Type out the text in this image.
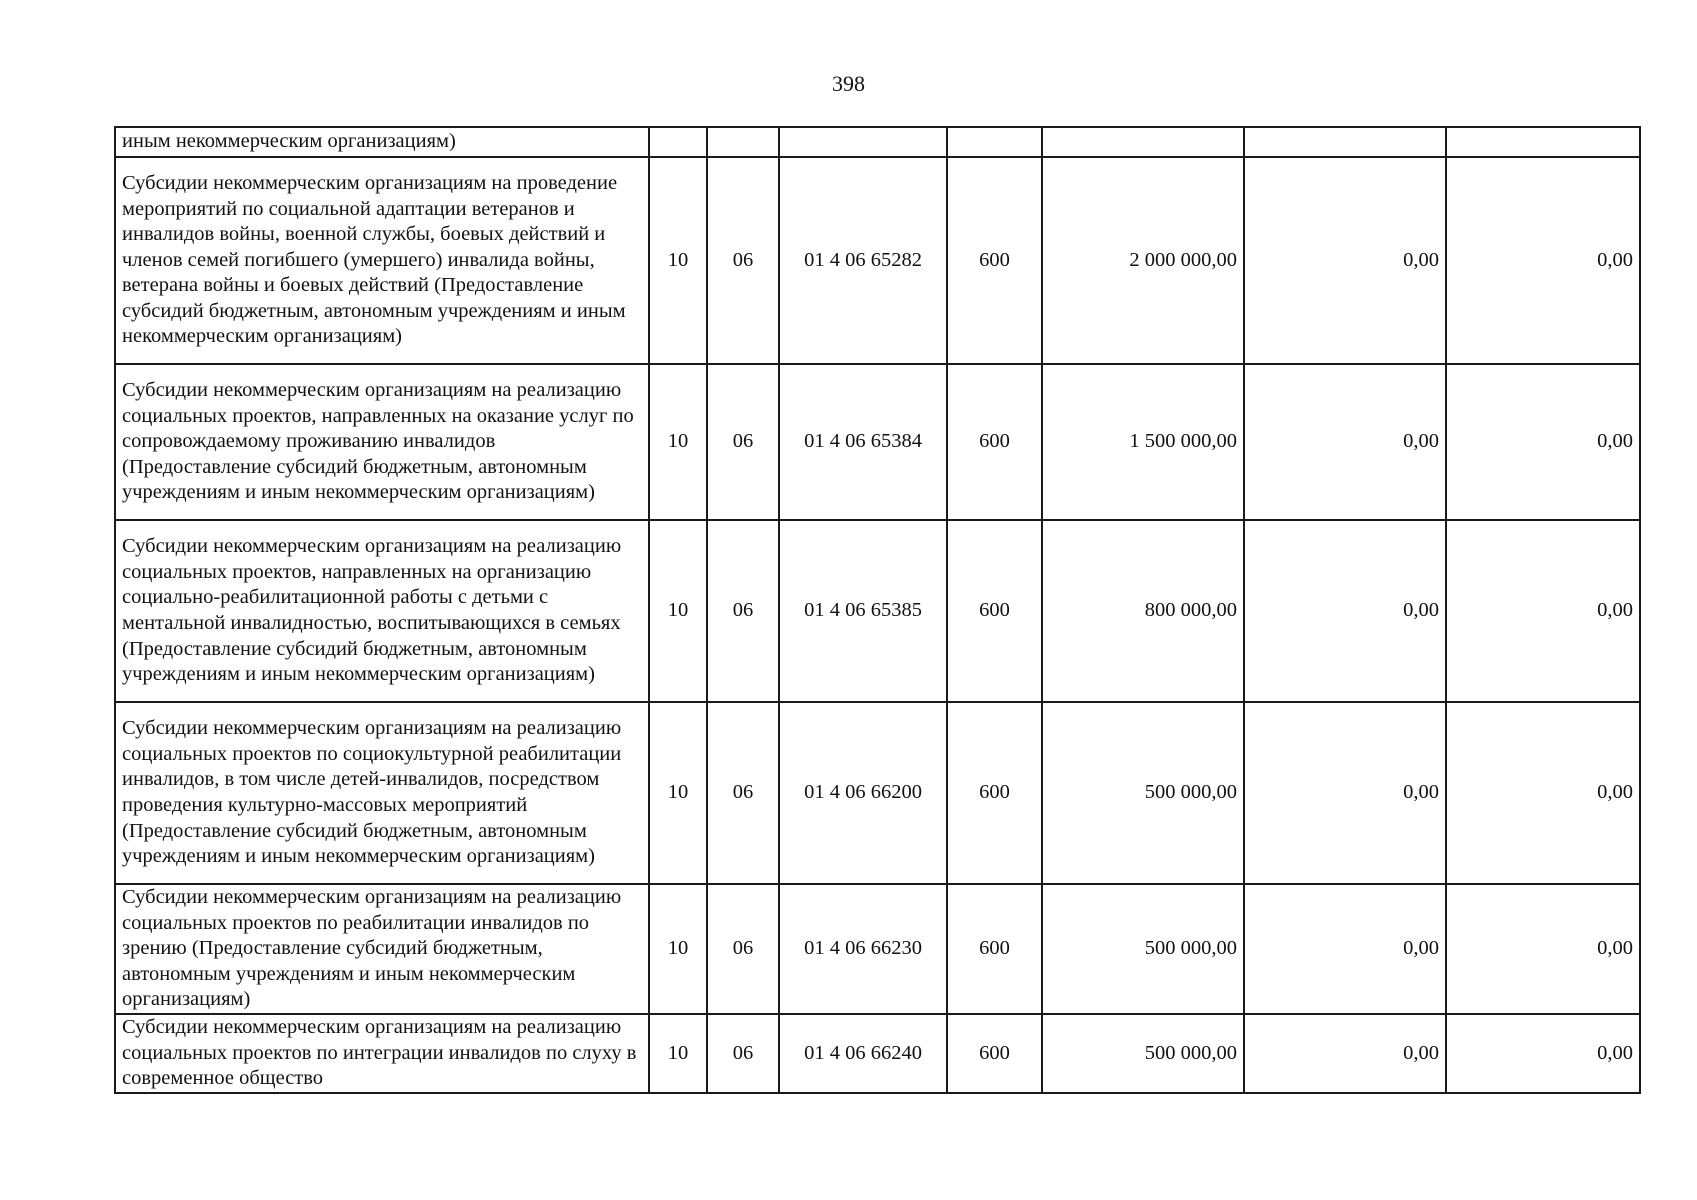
398
иным некоммерческим организациям)							
Субсидии некоммерческим организациям на проведение мероприятий по социальной адаптации ветеранов и инвалидов войны, военной службы, боевых действий и членов семей погибшего (умершего) инвалида войны, ветерана войны и боевых действий (Предоставление субсидий бюджетным, автономным учреждениям и иным некоммерческим организациям)	10	06	01 4 06 65282	600	2 000 000,00	0,00	0,00
Субсидии некоммерческим организациям на реализацию социальных проектов, направленных на оказание услуг по сопровождаемому проживанию инвалидов (Предоставление субсидий бюджетным, автономным учреждениям и иным некоммерческим организациям)	10	06	01 4 06 65384	600	1 500 000,00	0,00	0,00
Субсидии некоммерческим организациям на реализацию социальных проектов, направленных на организацию социально-реабилитационной работы с детьми с ментальной инвалидностью, воспитывающихся в семьях (Предоставление субсидий бюджетным, автономным учреждениям и иным некоммерческим организациям)	10	06	01 4 06 65385	600	800 000,00	0,00	0,00
Субсидии некоммерческим организациям на реализацию социальных проектов по социокультурной реабилитации инвалидов, в том числе детей-инвалидов, посредством проведения культурно-массовых мероприятий (Предоставление субсидий бюджетным, автономным учреждениям и иным некоммерческим организациям)	10	06	01 4 06 66200	600	500 000,00	0,00	0,00
Субсидии некоммерческим организациям на реализацию социальных проектов по реабилитации инвалидов по зрению (Предоставление субсидий бюджетным, автономным учреждениям и иным некоммерческим организациям)	10	06	01 4 06 66230	600	500 000,00	0,00	0,00
Субсидии некоммерческим организациям на реализацию социальных проектов по интеграции инвалидов по слуху в современное общество	10	06	01 4 06 66240	600	500 000,00	0,00	0,00
